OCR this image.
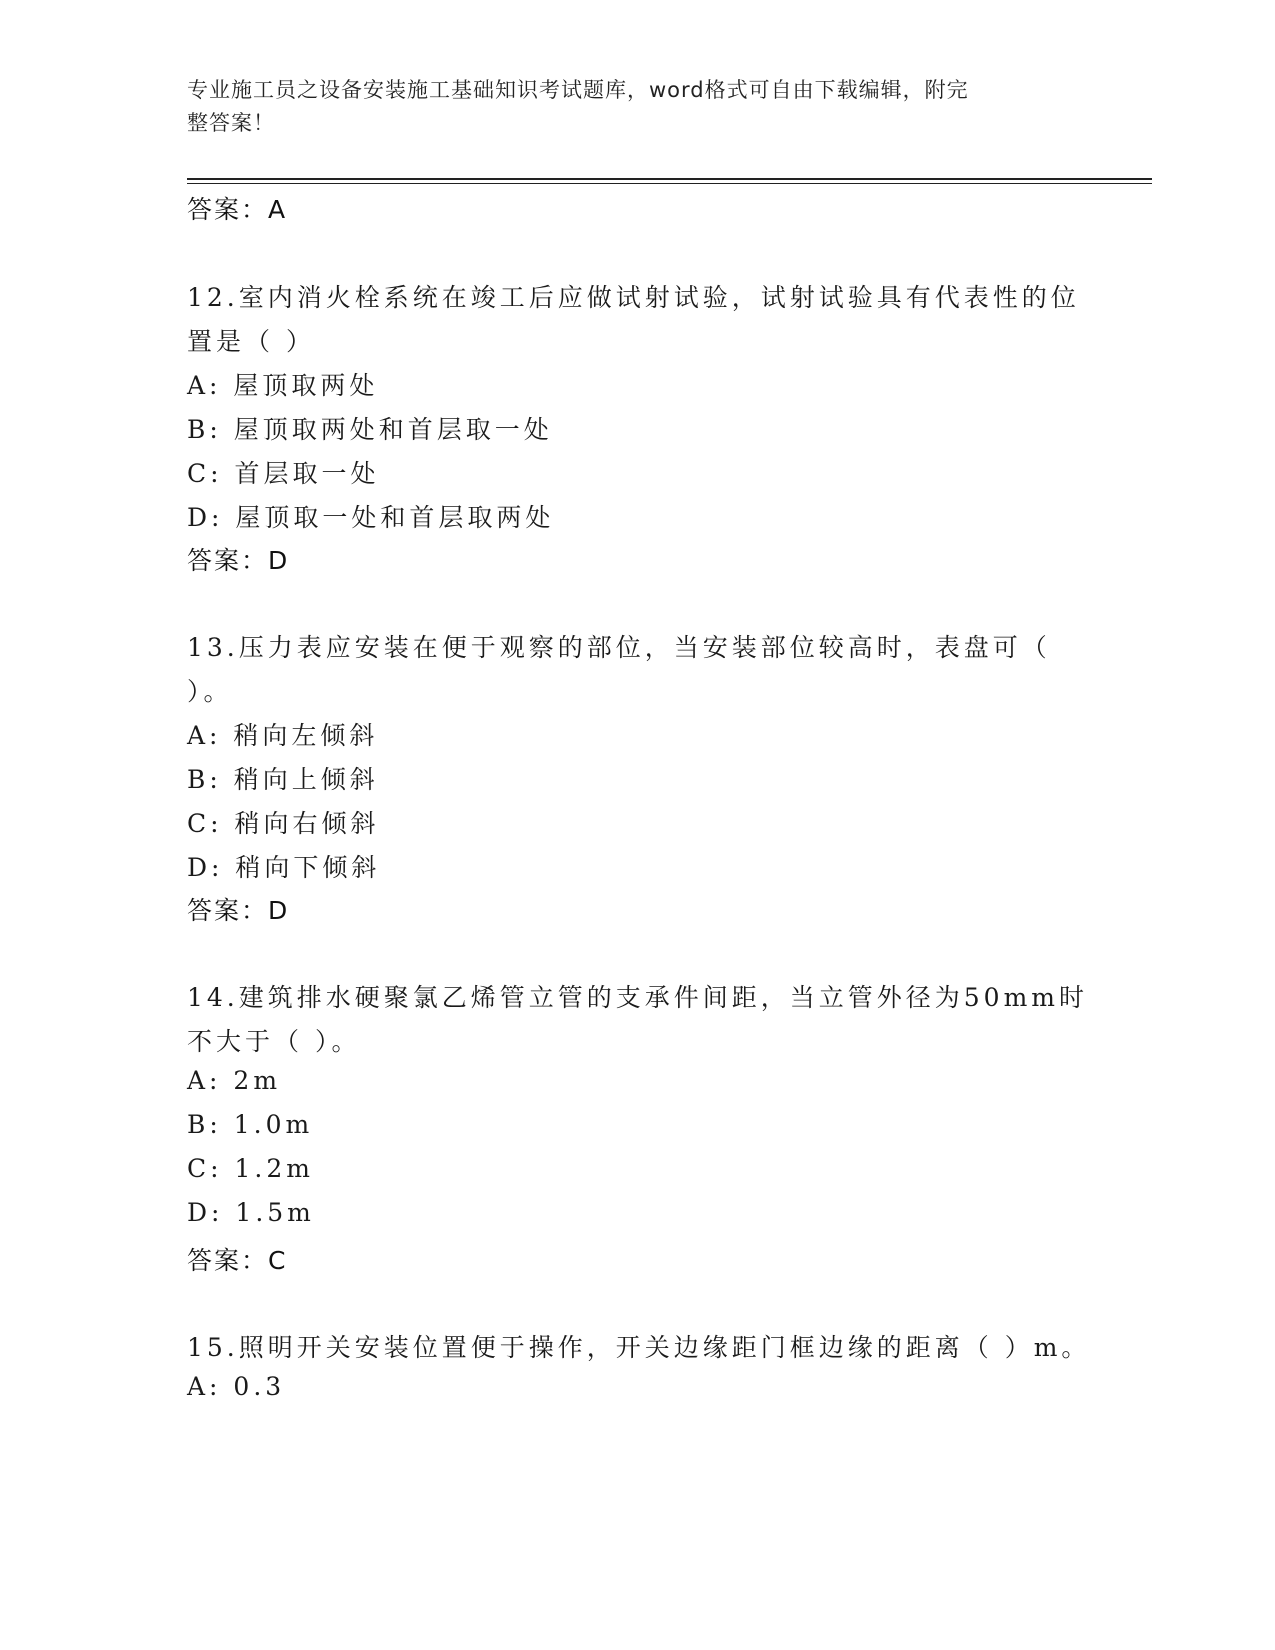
专业施工员之设备安装施工基础知识考试题库，word格式可自由下载编辑，附完
整答案！
答案：A
12.室内消火栓系统在竣工后应做试射试验，试射试验具有代表性的位
置是（ ）
A: 屋顶取两处
B: 屋顶取两处和首层取一处
C: 首层取一处
D: 屋顶取一处和首层取两处
答案：D
13.压力表应安装在便于观察的部位，当安装部位较高时，表盘可（
）。
A: 稍向左倾斜
B: 稍向上倾斜
C: 稍向右倾斜
D: 稍向下倾斜
答案：D
14.建筑排水硬聚氯乙烯管立管的支承件间距，当立管外径为50mm时
不大于（ ）。
A: 2m
B: 1.0m
C: 1.2m
D: 1.5m
答案：C
15.照明开关安装位置便于操作，开关边缘距门框边缘的距离（ ）m。
A: 0.3
